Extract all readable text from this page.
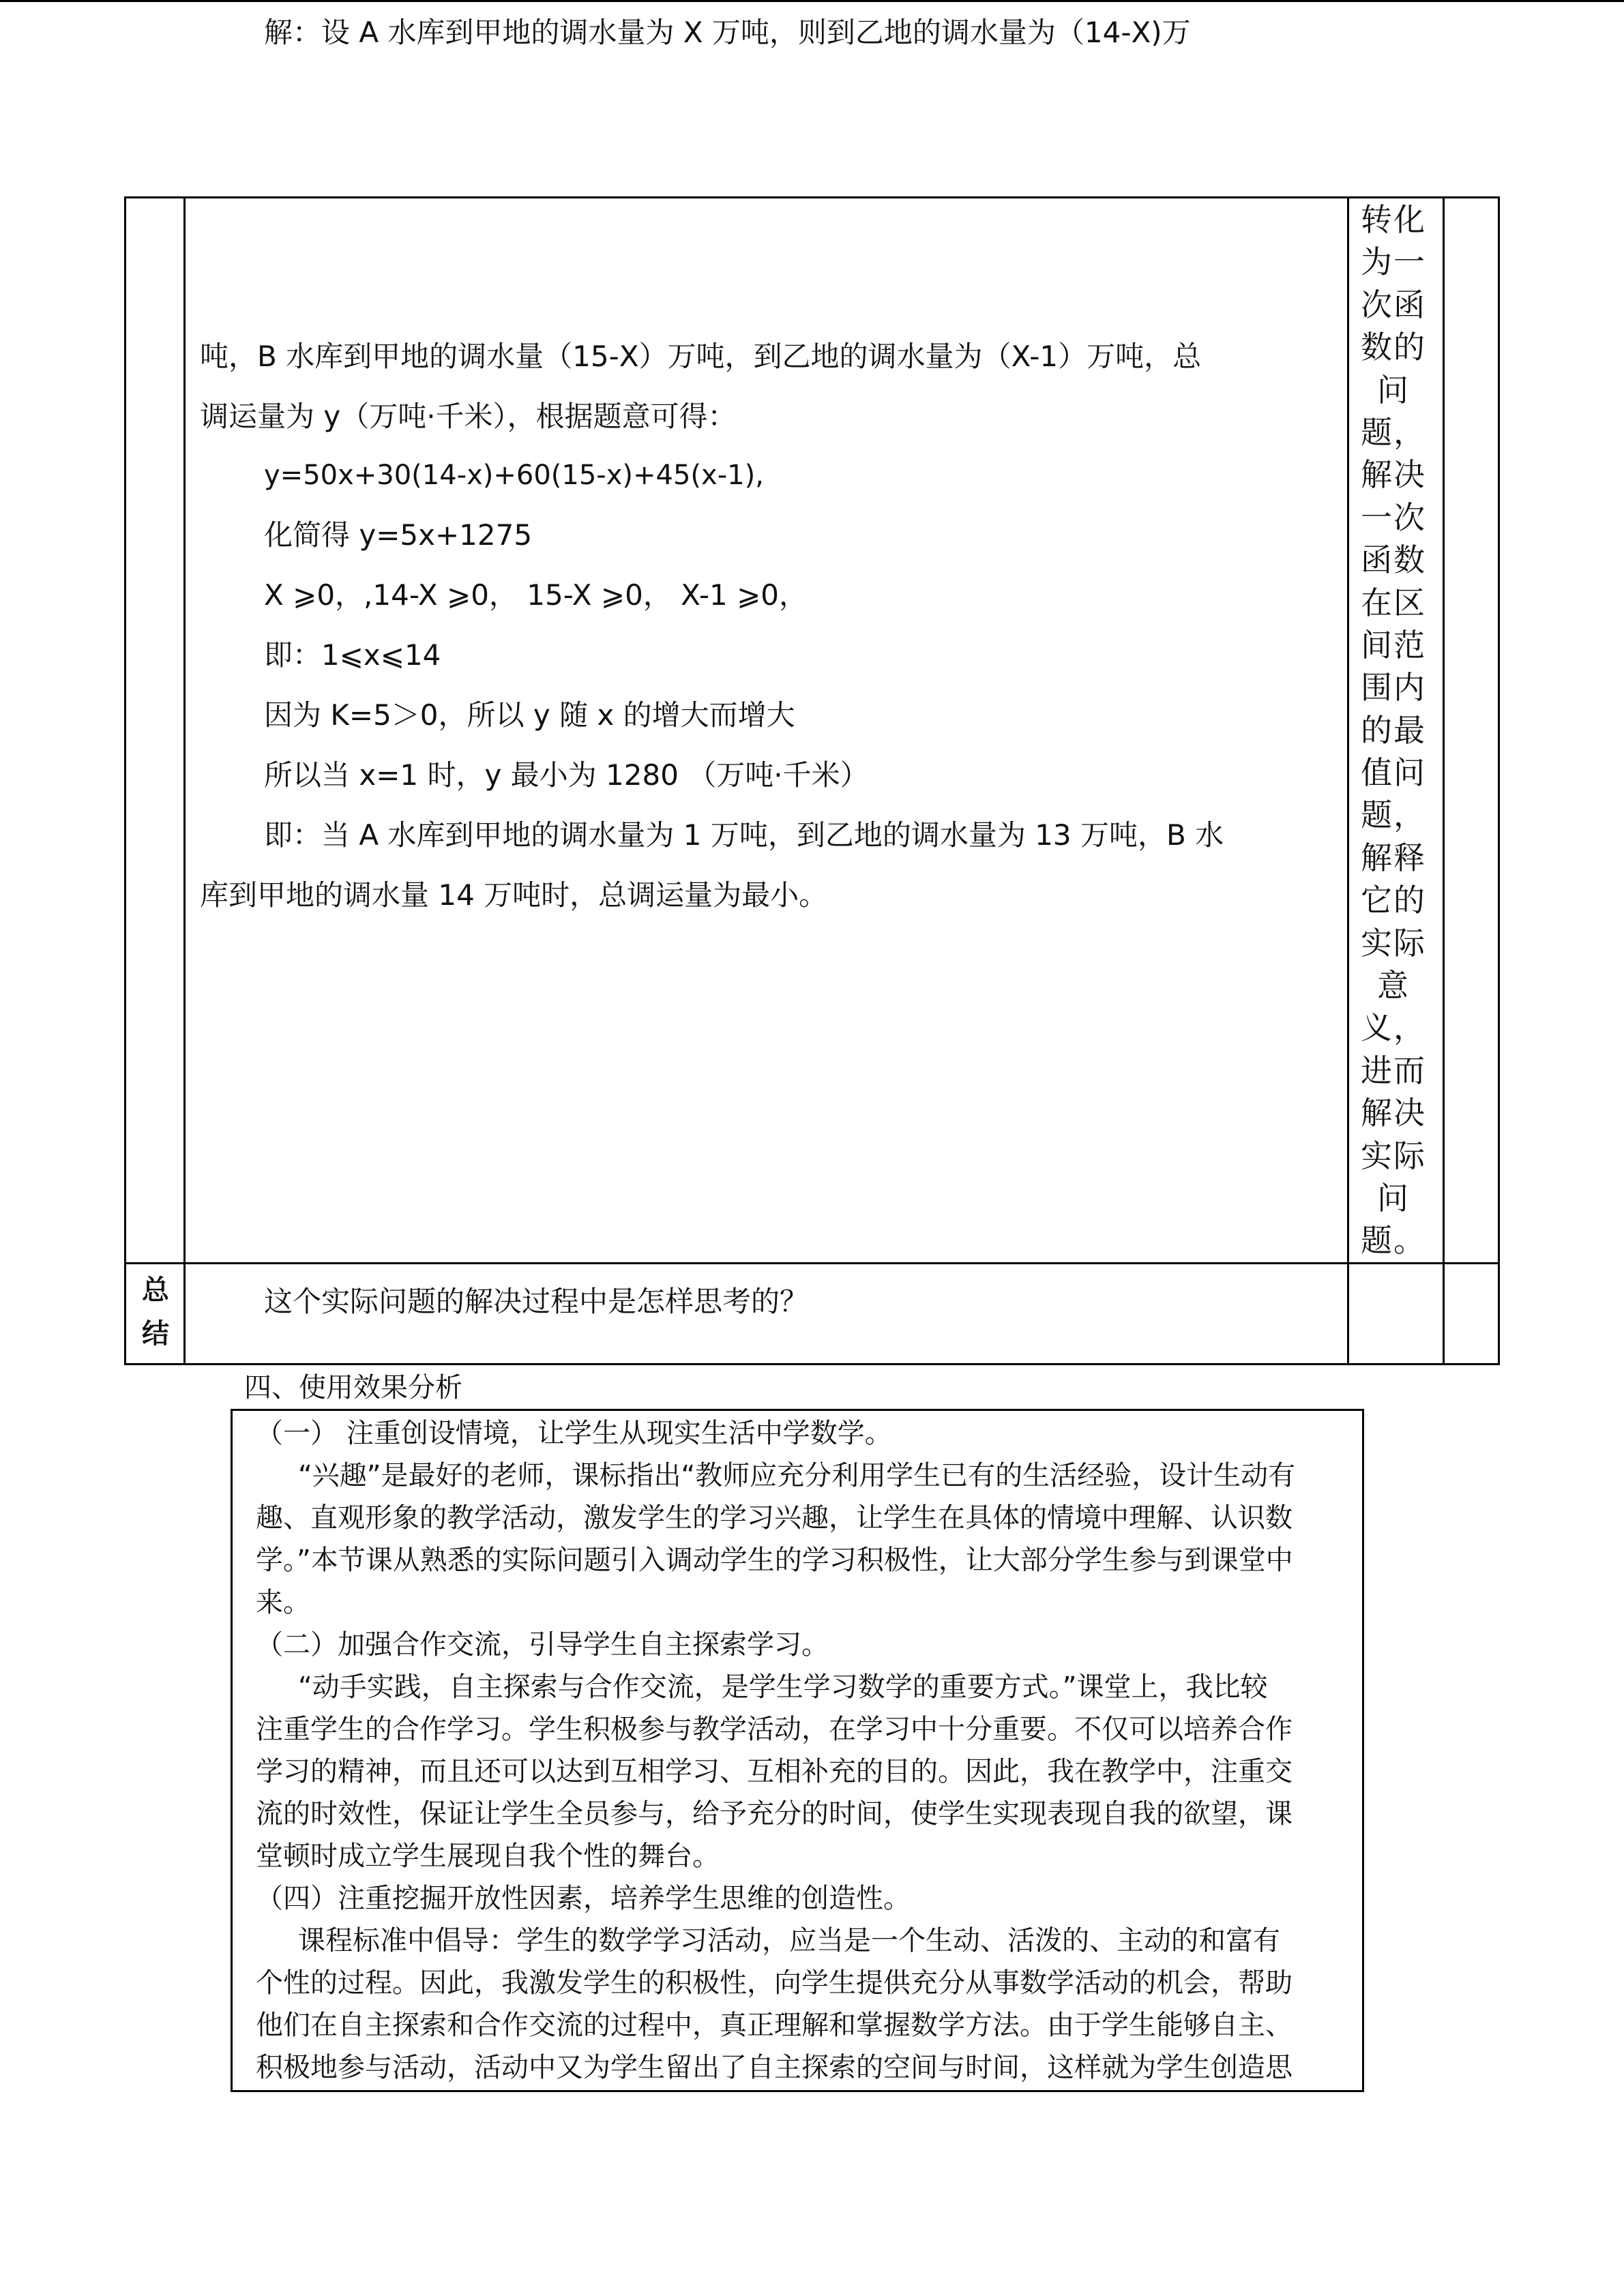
解：设 A 水库到甲地的调水量为 X 万吨，则到乙地的调水量为（14-X)万

吨，B 水库到甲地的调水量（15-X）万吨，到乙地的调水量为（X-1）万吨，总

调运量为 y（万吨·千米），根据题意可得：

y=50x+30(14-x)+60(15-x)+45(x-1),

化简得 y=5x+1275

X ⩾0，,14-X ⩾0， 15-X ⩾0， X-1 ⩾0，

即：1⩽x⩽14

因为 K=5＞0，所以 y 随 x 的增大而增大

所以当 x=1 时，y 最小为 1280 （万吨·千米）

即：当 A 水库到甲地的调水量为 1 万吨，到乙地的调水量为 13 万吨，B 水

库到甲地的调水量 14 万吨时，总调运量为最小。

转化
为一
次函
数的
问
题，
解决
一次
函数
在区
间范
围内
的最
值问
题，
解释
它的
实际
意
义，
进而
解决
实际
问
题。
总
结
这个实际问题的解决过程中是怎样思考的？
四、使用效果分析
（一） 注重创设情境，让学生从现实生活中学数学。
“兴趣”是最好的老师，课标指出“教师应充分利用学生已有的生活经验，设计生动有
趣、直观形象的教学活动，激发学生的学习兴趣，让学生在具体的情境中理解、认识数
学。”本节课从熟悉的实际问题引入调动学生的学习积极性，让大部分学生参与到课堂中
来。
（二）加强合作交流，引导学生自主探索学习。
“动手实践，自主探索与合作交流，是学生学习数学的重要方式。”课堂上，我比较
注重学生的合作学习。学生积极参与教学活动，在学习中十分重要。不仅可以培养合作
学习的精神，而且还可以达到互相学习、互相补充的目的。因此，我在教学中，注重交
流的时效性，保证让学生全员参与，给予充分的时间，使学生实现表现自我的欲望，课
堂顿时成立学生展现自我个性的舞台。
（四）注重挖掘开放性因素，培养学生思维的创造性。
课程标准中倡导：学生的数学学习活动，应当是一个生动、活泼的、主动的和富有
个性的过程。因此，我激发学生的积极性，向学生提供充分从事数学活动的机会，帮助
他们在自主探索和合作交流的过程中，真正理解和掌握数学方法。由于学生能够自主、
积极地参与活动，活动中又为学生留出了自主探索的空间与时间，这样就为学生创造思
